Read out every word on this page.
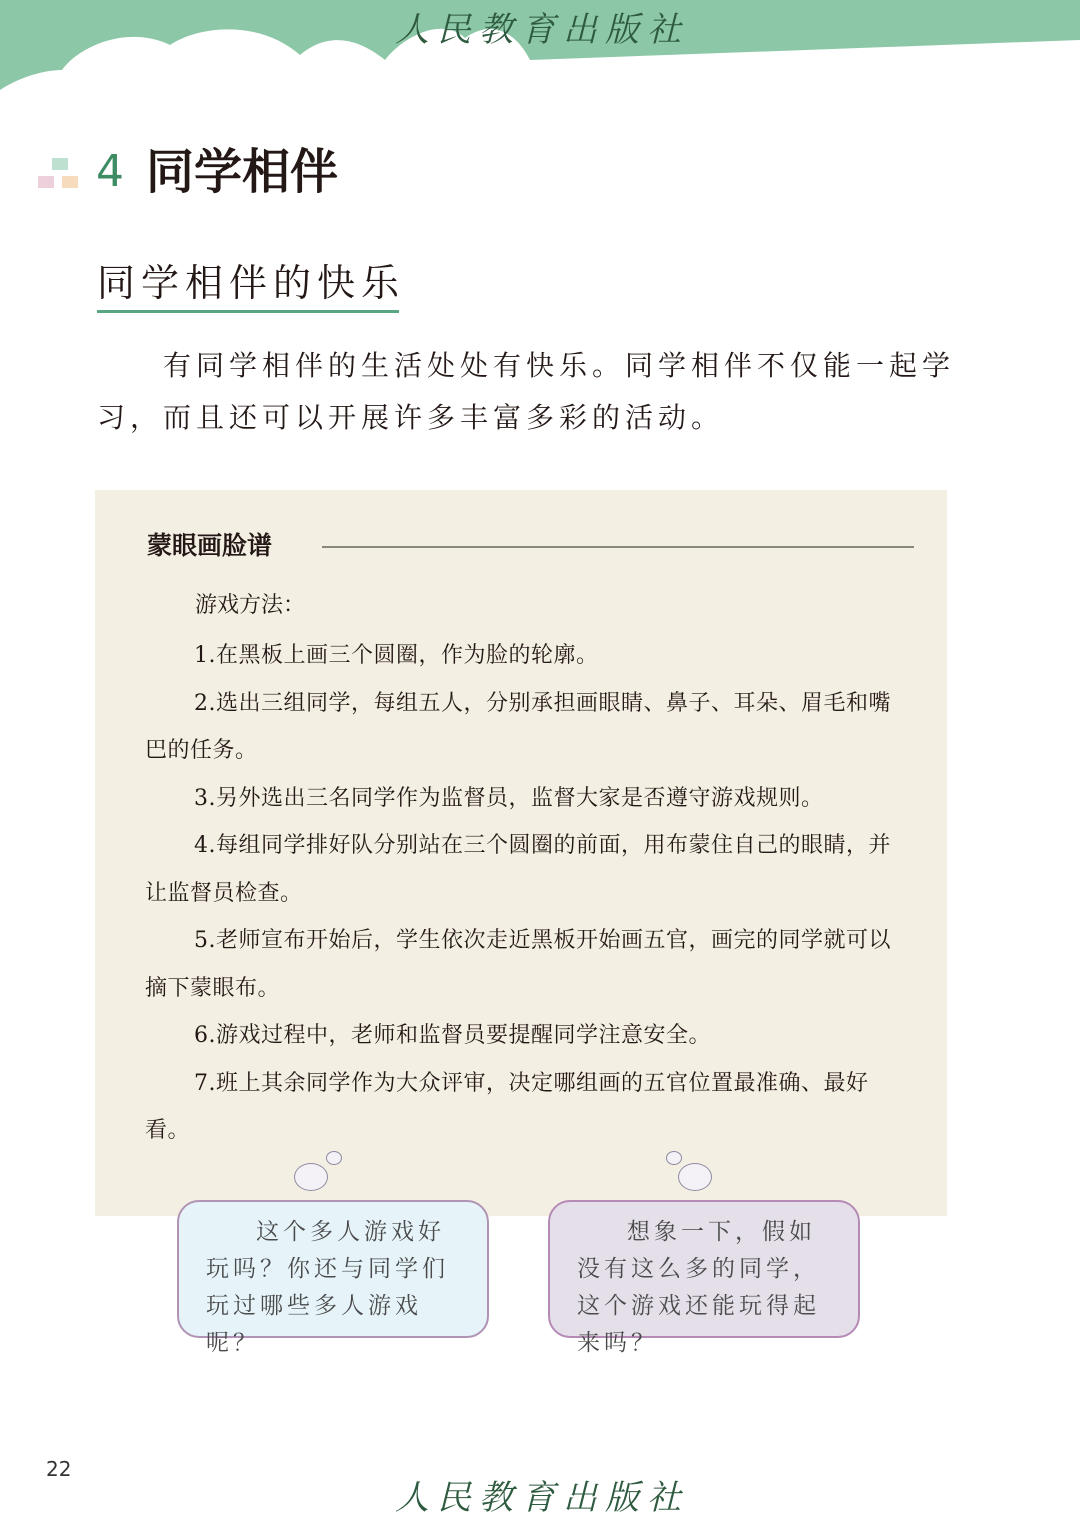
人民教育出版社
4 同学相伴
同学相伴的快乐

有同学相伴的生活处处有快乐。同学相伴不仅能一起学习，而且还可以开展许多丰富多彩的活动。

蒙眼画脸谱
游戏方法：
1.在黑板上画三个圆圈，作为脸的轮廓。
2.选出三组同学，每组五人，分别承担画眼睛、鼻子、耳朵、眉毛和嘴巴的任务。
3.另外选出三名同学作为监督员，监督大家是否遵守游戏规则。
4.每组同学排好队分别站在三个圆圈的前面，用布蒙住自己的眼睛，并让监督员检查。
5.老师宣布开始后，学生依次走近黑板开始画五官，画完的同学就可以摘下蒙眼布。
6.游戏过程中，老师和监督员要提醒同学注意安全。
7.班上其余同学作为大众评审，决定哪组画的五官位置最准确、最好看。

这个多人游戏好玩吗？你还与同学们玩过哪些多人游戏呢？

想象一下，假如没有这么多的同学，这个游戏还能玩得起来吗？

22
人民教育出版社
